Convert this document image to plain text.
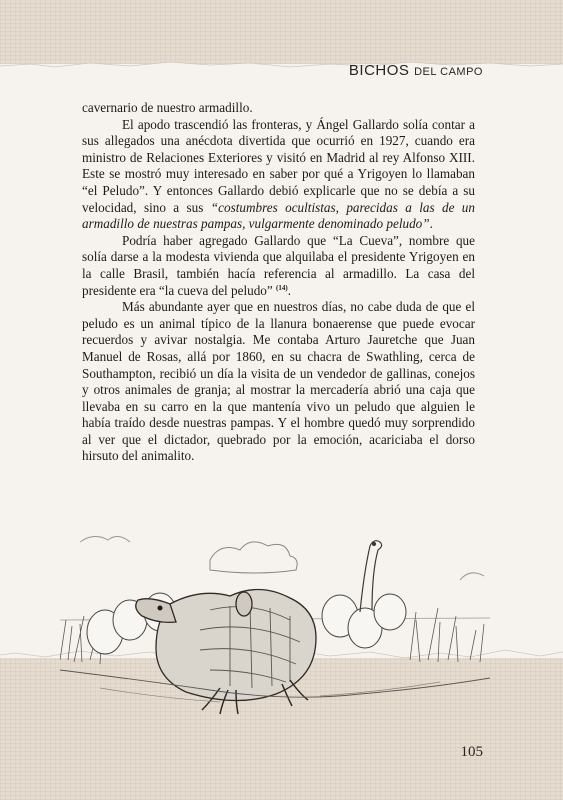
BICHOS DEL CAMPO

cavernario de nuestro armadillo.

El apodo trascendió las fronteras, y Ángel Gallardo solía contar a sus allegados una anécdota divertida que ocurrió en 1927, cuando era ministro de Relaciones Exteriores y visitó en Madrid al rey Alfonso XIII. Este se mostró muy interesado en saber por qué a Yrigoyen lo llamaban “el Peludo”. Y entonces Gallardo debió explicarle que no se debía a su velocidad, sino a sus “costumbres ocultistas, parecidas a las de un armadillo de nuestras pampas, vulgarmente denominado peludo”.

Podría haber agregado Gallardo que “La Cueva”, nombre que solía darse a la modesta vivienda que alquilaba el presidente Yrigoyen en la calle Brasil, también hacía referencia al armadillo. La casa del presidente era “la cueva del peludo” $^{(14)}$.

Más abundante ayer que en nuestros días, no cabe duda de que el peludo es un animal típico de la llanura bonaerense que puede evocar recuerdos y avivar nostalgia. Me contaba Arturo Jauretche que Juan Manuel de Rosas, allá por 1860, en su chacra de Swathling, cerca de Southampton, recibió un día la visita de un vendedor de gallinas, conejos y otros animales de granja; al mostrar la mercadería abrió una caja que llevaba en su carro en la que mantenía vivo un peludo que alguien le había traído desde nuestras pampas. Y el hombre quedó muy sorprendido al ver que el dictador, quebrado por la emoción, acariciaba el dorso hirsuto del animalito.

105
